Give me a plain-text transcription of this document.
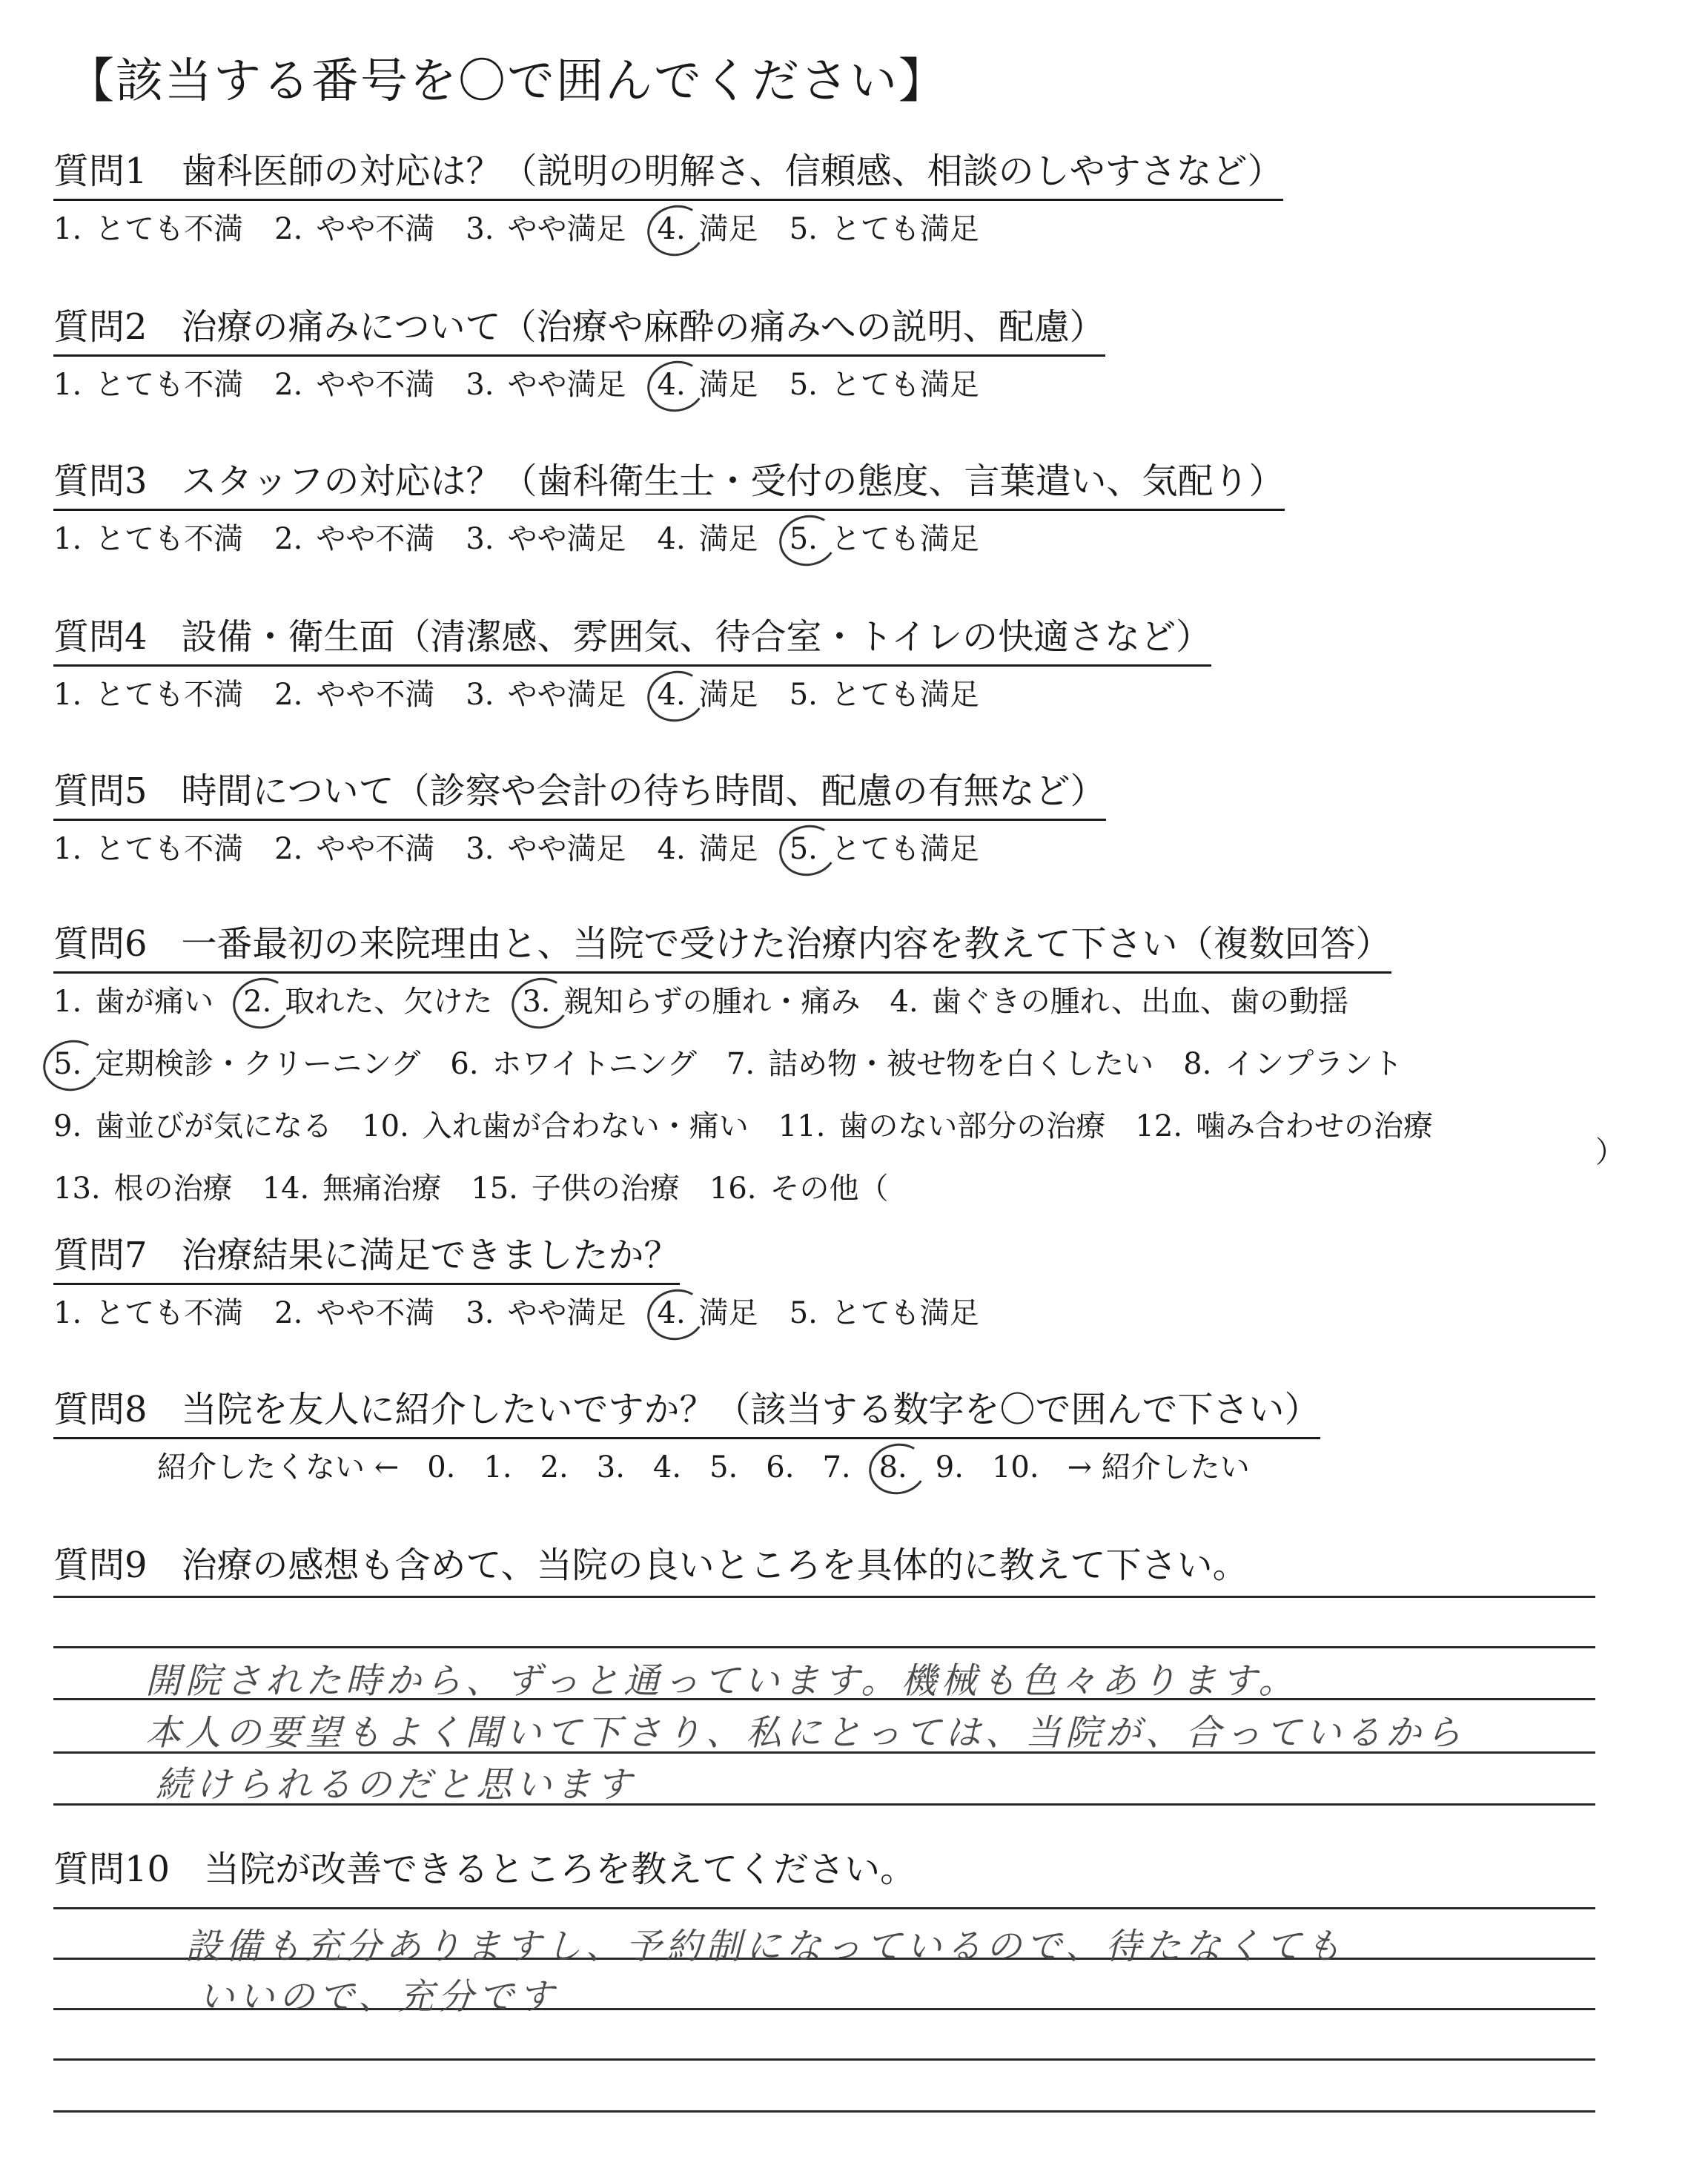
【該当する番号を〇で囲んでください】
質問1 歯科医師の対応は？（説明の明解さ、信頼感、相談のしやすさなど）
1. とても不満 2. やや不満 3. やや満足 4. 満足 5. とても満足
質問2 治療の痛みについて（治療や麻酔の痛みへの説明、配慮）
1. とても不満 2. やや不満 3. やや満足 4. 満足 5. とても満足
質問3 スタッフの対応は？（歯科衛生士・受付の態度、言葉遣い、気配り）
1. とても不満 2. やや不満 3. やや満足 4. 満足 5. とても満足
質問4 設備・衛生面（清潔感、雰囲気、待合室・トイレの快適さなど）
1. とても不満 2. やや不満 3. やや満足 4. 満足 5. とても満足
質問5 時間について（診察や会計の待ち時間、配慮の有無など）
1. とても不満 2. やや不満 3. やや満足 4. 満足 5. とても満足
質問6 一番最初の来院理由と、当院で受けた治療内容を教えて下さい（複数回答）
1. 歯が痛い 2. 取れた、欠けた 3. 親知らずの腫れ・痛み 4. 歯ぐきの腫れ、出血、歯の動揺
5. 定期検診・クリーニング 6. ホワイトニング 7. 詰め物・被せ物を白くしたい 8. インプラント
9. 歯並びが気になる 10. 入れ歯が合わない・痛い 11. 歯のない部分の治療 12. 噛み合わせの治療
13. 根の治療 14. 無痛治療 15. 子供の治療 16. その他（
）
質問7 治療結果に満足できましたか？
1. とても不満 2. やや不満 3. やや満足 4. 満足 5. とても満足
質問8 当院を友人に紹介したいですか？（該当する数字を〇で囲んで下さい）
紹介したくない ← 0. 1. 2. 3. 4. 5. 6. 7. 8. 9. 10. → 紹介したい
質問9 治療の感想も含めて、当院の良いところを具体的に教えて下さい。
開院された時から、ずっと通っています。機械も色々あります。
本人の要望もよく聞いて下さり、私にとっては、当院が、合っているから
続けられるのだと思います
質問10 当院が改善できるところを教えてください。
設備も充分ありますし、予約制になっているので、待たなくても
いいので、充分です
